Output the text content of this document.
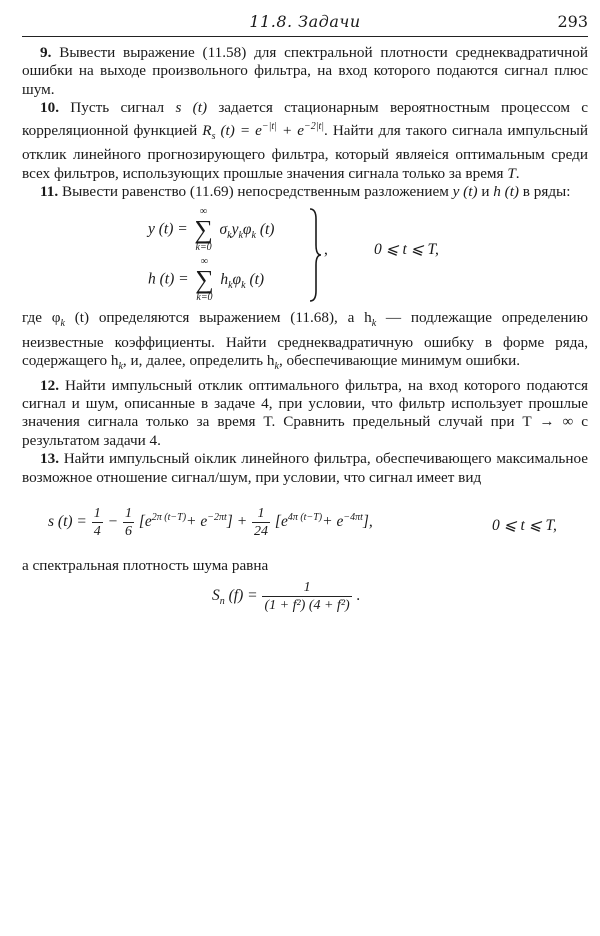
11.8. Задачи	293

9. Вывести выражение (11.58) для спектральной плотности среднеквадратичной ошибки на выходе произвольного фильтра, на вход которого подаются сигнал плюс шум.

10. Пусть сигнал s (t) задается стационарным вероятностным процессом с корреляционной функцией $R_s$ $(t) = e^{-|t|} + e^{-2|t|}$. Найти для такого сигнала импульсный отклик линейного прогнозирующего фильтра, который являеіся оптимальным среди всех фильтров, использующих прошлые значения сигнала только за время T.

11. Вывести равенство (11.69) непосредственным разложением y (t) и h (t) в ряды:

y (t) =
∞
∑
k=0
$\sigma_ky_k\varphi_k$ (t)
h (t) =
∞
∑
k=0
$h_k\varphi_k$ (t)
,	0 ⩽ t ⩽ T,

где $\varphi_k$ (t) определяются выражением (11.68), а $h_k$ — подлежащие определению неизвестные коэффициенты. Найти среднеквадратичную ошибку в форме ряда, содержащего $h_k$, и, далее, определить $h_k$, обеспечивающие минимум ошибки.

12. Найти импульсный отклик оптимального фильтра, на вход которого подаются сигнал и шум, описанные в задаче 4, при условии, что фильтр использует прошлые значения сигнала только за время T. Сравнить предельный случай при T → ∞ с результатом задачи 4.

13. Найти импульсный оіклик линейного фильтра, обеспечивающего максимальное возможное отношение сигнал/шум, при условии, что сигнал имеет вид

s $(t) = \frac{1}{4} - \frac{1}{6} [e^{2\pi (t-T)}+ e^{-2\pi t}] + \frac{1}{24} [e^{4\pi (t-T)}+ e^{-4\pi t}]$,	0 ⩽ t ⩽ T,

а спектральная плотность шума равна

$S_n$ $(f) = \frac{1}{\text{(1 + f²) (4 + f²)}}$ .
